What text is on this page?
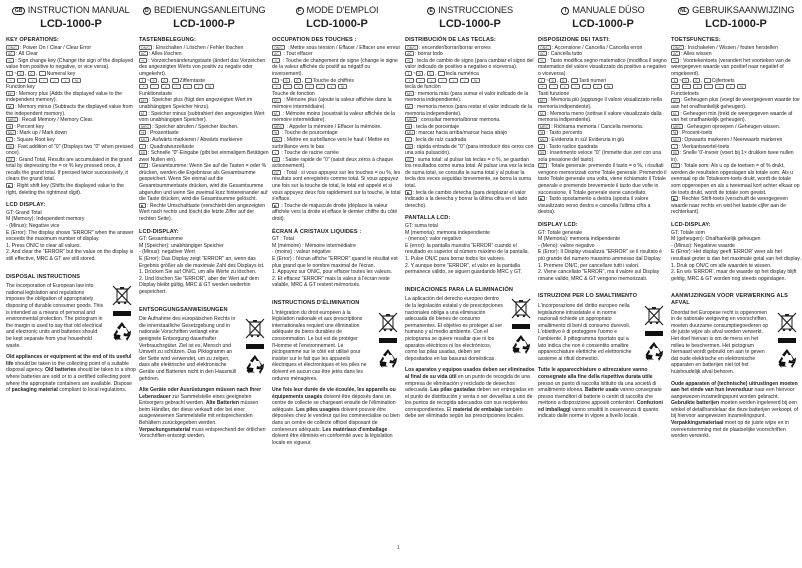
GB INSTRUCTION MANUAL
LCD-1000-P
KEY OPERATIONS:

ON/C : Power On / Clear / Clear Error

AC : All Clear

+/- : Sign change key (Change the sign of the displayed value from positive to negative, or vice versa).

1 ~ 9 , 0 , . Numeral key

+ − × ÷ = √ %

Function key

M+ : Memory plus (Adds the displayed value to the independent memory).

M- : Memory minus (Subtracts the displayed value from the independent memory).

MRC : Recall Memory / Memory Clear.

% : Percent key

MU : Mark up / Mark down

√ : Square Root key

00 : Fast addition of "0" (Displays two "0" when pressed once).

GT : Grand Total, Results are accumulated in the grand total by depressing the = or % key pressed once, it recalls the grand total. If pressed twice successively, it clears the grand total.

▶ : Right shift key (Shifts the displayed value to the right, deleting the rightmost digit).

LCD DISPLAY:

GT: Grand Total

M (Memory): Independent memory

- (Minus): Negative vice

E (Error): The display shows "ERROR" when the answer exceeds the maximum number of display.

1. Press ON/C to clear all values.

2. And clear the "ERROR" but the value on the display is still effective, MRC & GT are still stored.

DISPOSAL INSTRUCTIONS
The incorporation of European law into national legislation and regulations imposes the obligation of appropriately disposing of durable consumer goods. This is intended as a means of personal and environmental protection. The pictogram in the margin is used to say that old electrical and electronic units and batteries should be kept separate from your household waste.

Old appliances or equipment at the end of its useful life should be taken to the collecting point of a suitable disposal agency. Old batteries should be taken to a shop where batteries are sold or to a certified collecting point where the appropriate containers are available. Dispose of packaging material compliant to local regulations.

D BEDIENUNGSANLEITUNG
LCD-1000-P
TASTENBELEGUNG:

ON/C : Einschalten / Löschen / Fehler löschen

AC : Alles löschen

+/- : Vorzeichenänderungstaste (ändert das Vorzeichen des angezeigten Werts von positiv zu negativ oder umgekehrt).

1 ~ 9 , 0 , . Zifferntaste

+ − × ÷ = √ %

Funktionstaste

M+ : Speicher plus (fügt den angezeigten Wert im unabhängigen Speicher hinzu).

M- : Speicher minus (subtrahiert den angezeigten Wert vom unabhängigen Speicher).

MRC : Speicher abrufen / Speicher löschen.

% : Prozenttaste

MU : Aufwärts markieren / Abwärts markieren

√ : Quadratwurzeltaste

00 : Schnelle "0"-Eingabe (gibt bei einmaligem Betätigen zwei Nullen ein).

GT : Gesamtsumme: Wenn Sie auf die Tasten = oder % drücken, werden die Ergebnisse als Gesamtsumme gespeichert. Wenn Sie einmal auf die Gesamtsummentaste drücken, wird die Gesamtsumme abgerufen und wenn Sie zweimal kurz hintereinander auf die Taste drücken, wird die Gesamtsumme gelöscht.

▶ : Rechte Umschalttaste (verschiebt den angezeigten Wert nach rechts und löscht die letzte Ziffer auf der rechten Seite).

LCD-DISPLAY:

GT: Gesamtsumme

M (Speicher): unabhängiger Speicher

- (Minus): negativer Wert

E (Error): Das Display zeigt "ERROR" an, wenn das Ergebnis größer als die maximale Zahl des Displays ist.

1. Drücken Sie auf ON/C, um alle Werte zu löschen.

2. Und löschen Sie "ERROR", aber der Wert auf dem Display bleibt gültig, MRC & GT werden weiterhin gespeichert.

ENTSORGUNGSANWEISUNGEN
Die Aufnahme des europäischen Rechts in die innerstaatliche Gesetzgebung und in nationale Vorschriften verlangt eine geeignete Entsorgung dauerhafter Verbrauchsgüter. Ziel ist es, Mensch und Umwelt zu schützen. Das Piktogramm an der Seite wird verwendet, um zu zeigen, dass alte elektrische und elektronische Geräte und Batterien nicht in den Hausmüll gehören.

Alte Geräte oder Ausrüstungen müssen nach Ihrer Lebensdauer zur Sammelstelle eines geeigneten Entsorgers gebracht werden. Alte Batterien müssen beim Händler, der diese verkauft oder bei einer ausgewiesenen Sammelstelle mit entsprechenden Behältern zurückgegeben werden. Verpackungsmaterial muss entsprechend der örtlichen Vorschriften entsorgt werden.

F MODE D'EMPLOI
LCD-1000-P
OCCUPATION DES TOUCHES :

ON/C : Mettre sous tension / Effacer / Effacer une erreur

AC : Tout effacer

+/- : Touche de changement de signe (change le signe de la valeur affichée du positif au négatif ou inversement).

1 ~ 9 , 0 , . Touche de chiffres

+ − × ÷ = √ %

Touche de fonction

M+ : Mémoire plus (ajoute la valeur affichée dans la mémoire intermédiaire).

M- : Mémoire moins (soustrait la valeur affichée de la mémoire intermédiaire).

MRC : Appeler la mémoire / Effacer la mémoire.

% : Touche de pourcentage

MU : Mettre en surbrillance vers le haut / Mettre en surbrillance vers le bas

√ : Touche de racine carrée

00 : Saisie rapide de "0" (saisit deux zéros à chaque actionnement).

GT : Total : si vous appuyez sur les touches = ou %, les résultats sont enregistrés comme total. Si vous appuyez une fois sur la touche de total, le total est appelé et si vous appuyez deux fois rapidement sur la touche, le total s'efface.

▶ : Touche de majuscule droite (déplace la valeur affichée vers la droite et efface le dernier chiffre du côté droit).

ÉCRAN À CRISTAUX LIQUIDES :

GT : Total

M (mémoire) : Mémoire intermédiaire

- (moins) : valeur négative

E (Error) : l'écran affiche "ERROR" quand le résultat est plus grand que le nombre maximal de l'écran.

1. Appuyez sur ON/C, pour effacer toutes les valeurs.

2. Et effacez "ERROR" mais la valeur à l'écran reste valable, MRC & GT restent mémorisés.

INSTRUCTIONS D'ÉLIMINATION
L'intégration du droit européen à la législation nationale et aux prescriptions internationales requiert une élimination adéquate de biens durables de consommation. Le but est de protéger l'Homme et l'environnement. Le pictogramme sur le côté est utilisé pour insister sur le fait que les appareils électriques et électroniques et les piles ne doivent en aucun cas être jetés dans les ordures ménagères.

Une fois leur durée de vie écoulée, les appareils ou équipements usagés doivent être déposés dans un centre de collecte se chargeant ensuite de l'élimination adéquate. Les piles usagées doivent pouvoir être déposées chez le vendeur qui les commercialise ou bien dans un centre de collecte officiel disposant de conteneurs adéquats. Les matériaux d'emballage doivent être éliminés en conformité avec la législation locale en vigueur.

E INSTRUCCIONES
LCD-1000-P
DISTRIBUCIÓN DE LAS TECLAS:

ON/C : encender/borrar/borrar errores

AC : borrar todo

+/- : tecla de cambio de signo (para cambiar el signo del valor indicado de positivo a negativo o viceversa).

1 ~ 9 , 0 , . tecla numérica

+ − × ÷ = √ %

tecla de función

M+ : memoria más (para sumar el valor indicado de la memoria independiente).

M- : memoria menos (para restar el valor indicado de la memoria independiente).

MRC : consultar memoria/borrar memoria.

% : tecla de porcentaje

MU : marcar hacia arriba/marcar hacia abajo

√ : tecla de raíz cuadrada

00 : rápida entrada de "0" (para introducir dos ceros con una sola pulsación).

GT : suma total: al pulsar las teclas = o %, se guardan los resultados como suma total. Al pulsar una vez la tecla de suma total, se consulta la suma total y al pulsar la tecla dos veces seguidas brevemente, se borra la suma total.

▶ : tecla de cambio derecha (para desplazar el valor indicado a la derecha y borrar la última cifra en el lado derecho).

PANTALLA LCD:

GT: suma total

M (memoria): memoria independiente

- (menos): valor negativo

E (error): la pantalla muestra "ERROR" cuando el resultado es superior al número máximo de la pantalla.

1. Pulse ON/C para borrar todos los valores.

2. Y aunque borre "ERROR", el valor en la pantalla permanece válido, se siguen guardando MRC y GT.

INDICACIONES PARA LA ELIMINACIÓN
La aplicación del derecho europeo dentro de la legislación estatal y de prescripciones nacionales obliga a una eliminación adecuada de bienes de consumo permanentes. El objetivo es proteger al ser humano y al medio ambiente. Con el pictograma se quiere resaltar que ni los aparatos eléctricos ni los electrónicos, como las pilas usadas, deben ser depositados en las basuras domésticas.

Los aparatos y equipos usados deben ser eliminados al final de su vida útil en un punto de recogida de una empresa de eliminación y reciclado de desechos adecuada. Las pilas gastadas deben ser entregadas en el punto de distribución y venta o ser devueltas a uno de los puntos de recogida adecuados con sus recipientes correspondientes. El material de embalaje también debe ser eliminado según las prescripciones locales.

I MANUALE DÚSO
LCD-1000-P
DISPOSIZIONE DEI TASTI:

ON/C : Accensione / Cancella / Cancella errori

AC : Cancella tutto

+/- : Tasto modifica segno matematico (modifica il segno matematico del valore visualizzato da positivo a negativo o viceversa).

1 ~ 9 , 0 , . Tasti numeri

+ − × ÷ = √ %

Tasti funzione

M+ : Memoria più (aggiunge il valore visualizzato nella memoria indipendente).

M- : Memoria meno (sottrae il valore visualizzato dalla memoria indipendente).

MRC : Richiama memoria / Cancella memoria.

% : Tasto percento

MU : Evidenzia in sù/ Evidenzia in giù

√ : Tasto radice quadrata

00 : Inserimento veloce "0" (Immette due zeri con una sola pressione del tasto).

GT : Totale generale: premendo il tasto = o %, i risultati vengono memorizzati come Totale generale. Premendo il tasto Totale generale una volta, viene richiamato il Totale generale e premendo brevemente il tasto due volte in successione, il Totale generale viene cancellato.

▶ : Tasto spostamento a destra (sposta il valore visualizzato verso destra e cancella l'ultima cifra a destra).

DISPLAY LCD:

GT: Totale generale

M (Memoria): memoria indipendente

- (Meno): valore negativo

E (Error): Il Display visualizza "ERROR" se il risultato è più grande del numero massimo ammesso dal Display.

1. Premere ON/C, per cancellare tutti i valori.

2. Viene cancellato "ERROR", ma il valore sul Display rimane valido, MRC & GT vengono memorizzati.

ISTRUZIONI PER LO SMALTIMENTO
L'incorporazione del diritto europeo nella legislazione intrastatale e in norme nazionali richiede un appropriato smaltimento di beni di consumo durevoli. L'obiettivo è di proteggere l'uomo e l'ambiente. Il pittogramma riportato qui a lato indica che non è consentito smaltire apparecchiature elettriche ed elettroniche assieme ai rifiuti domestici.

Tutte le apparecchiature o attrezzature vanno consegnate alla fine della rispettiva durata utile presso un punto di raccolta istituito da una società di smaltimento idonea. Batterie usate vanno consegnate presso rivenditori di batterie o centri di raccolta che mettono a disposizione appositi contenitori. Confezioni ed imballaggi vanno smaltiti in osservanza di quanto indicato dalle norme in vigore a livello locale.

NL GEBRUIKSAANWIJZING
LCD-1000-P
TOETSFUNCTIES:

ON/C : Inschakelen / Wissen / fouten herstellen

AC : Alles wissen

+/- : Voortekentoets (verandert het voorteken van de weergegeven waarde van positief naar negatief of omgekeerd).

1 ~ 9 , 0 , . Cijfertoets

+ − × ÷ = √ %

Functietoets

M+ : Geheugen plus (voegt de weergegeven waarde toe aan het onafhankelijk geheugen).

M- : Geheugen min (trekt de weergegeven waarde af van het onafhankelijk geheugen).

MRC : Geheugen oproepen / Geheugen wissen.

% : Procent-toets

MU : Opwaarts markeren / Neerwaarts markeren

√ : Vierkantswortel-toets

00 : Snelle '0'-invoer (voert bij 1× drukken twee nullen in).

GT : Totale som: Als u op de toetsen = of % drukt, worden de resultaten opgeslagen als totale som. Als u eenmaal op de Totalesom-toets drukt, wordt de totale som opgeroepen en als u tweemaal kort achter elkaar op de toets drukt, wordt de totale som gewist.

▶ : Rechter Shift-toets (verschuift de weergegeven waarde naar rechts en wist het laatste cijfer aan de rechterkant).

LCD-DISPLAY:

GT: Totale som

M (geheugen): Onafhankelijk geheugen

- (Minus): Negatieve waarde

E (Error): Het display geeft 'ERROR' weer als het resultaat groter is dan het maximale getal van het display.

1. Druk op ON/C om alle waarden te wissen.

2. En wis 'ERROR', maar de waarde op het display blijft geldig, MRC & GT worden nog steeds opgeslagen.

AANWIJZINGEN VOOR VERWERKING ALS AFVAL
Doordat het Europese recht is opgenomen in de nationale wetgeving en voorschriften, moeten duurzame consumptiegoederen op de juiste wijze als afval worden verwerkt. Het doel hiervan is om de mens en het milieu te beschermen. Het pictogram hiernaast wordt gebruikt om aan te geven dat oude elektrische en elektronische apparaten en batterijen niet tot het huishoudelijk afval behoren.

Oude apparaten of (technische) uitrustingen moeten aan het einde van hun levensduur naar een hiervoor aangewezen inzamelingspunt worden gebracht. Gebruikte batterijen moeten worden ingeleverd bij een winkel of detailhandelaar die deze batterijen verkoopt, of bij hiervoor aangewezen inzamelingspunt. Verpakkingsmateriaal moet op de juiste wijze en in overeenstemming met de plaatselijke voorschriften worden verwerkt.

1
